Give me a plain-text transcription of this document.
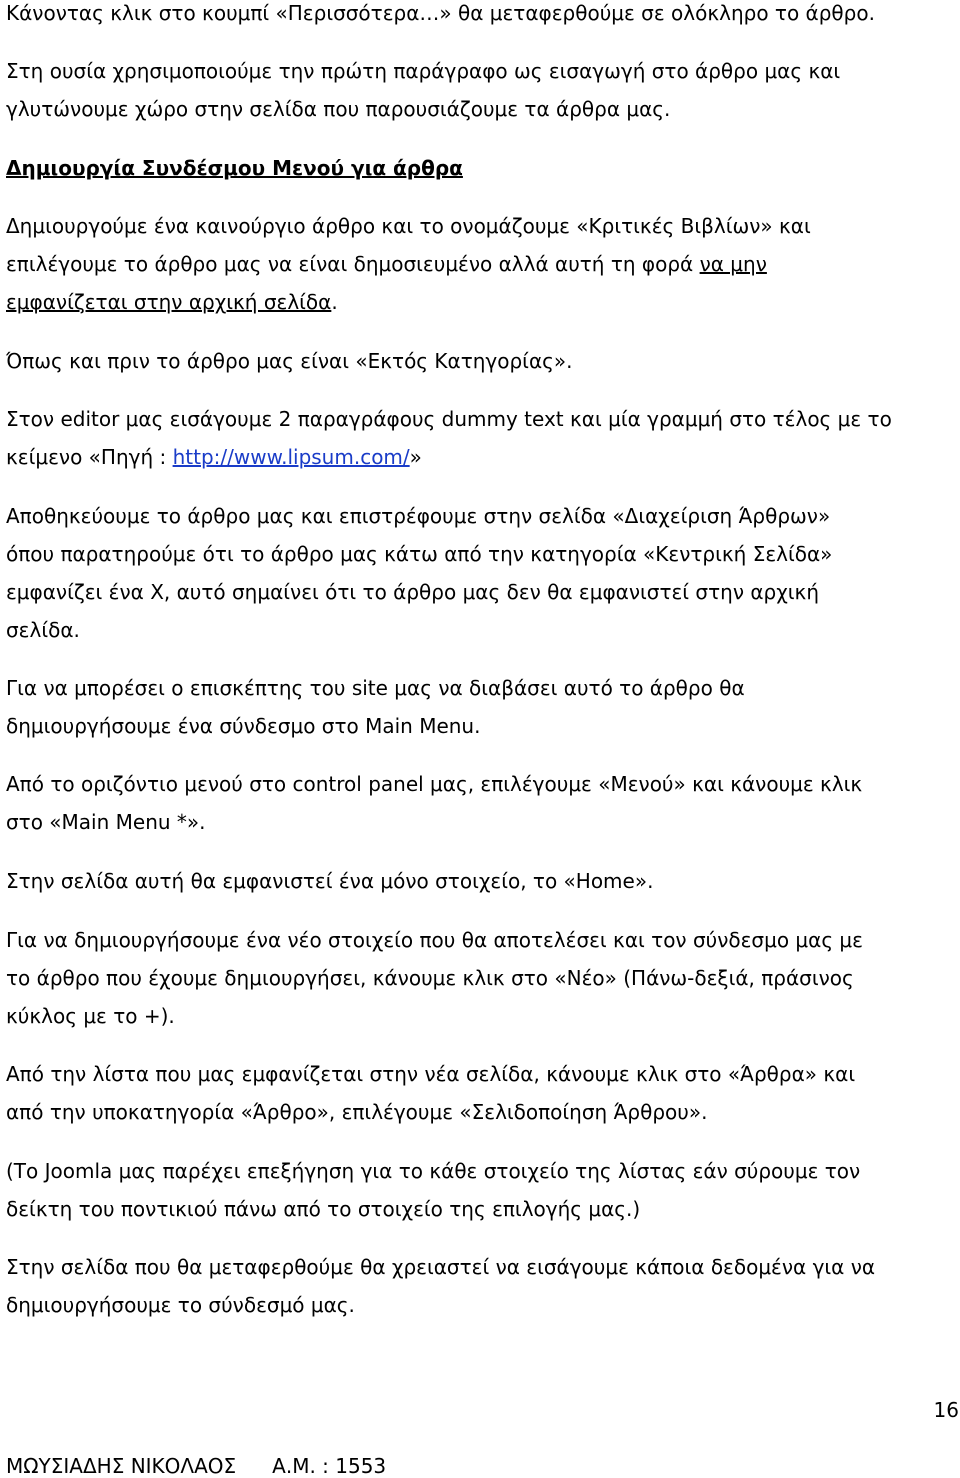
Κάνοντας κλικ στο κουμπί «Περισσότερα…» θα μεταφερθούμε σε ολόκληρο το άρθρο.

Στη ουσία χρησιμοποιούμε την πρώτη παράγραφο ως εισαγωγή στο άρθρο μας και
γλυτώνουμε χώρο στην σελίδα που παρουσιάζουμε τα άρθρα μας.

Δημιουργία Συνδέσμου Μενού για άρθρα

Δημιουργούμε ένα καινούργιο άρθρο και το ονομάζουμε «Κριτικές Βιβλίων» και
επιλέγουμε το άρθρο μας να είναι δημοσιευμένο αλλά αυτή τη φορά να μην
εμφανίζεται στην αρχική σελίδα.

Όπως και πριν το άρθρο μας είναι «Εκτός Κατηγορίας».

Στον editor μας εισάγουμε 2 παραγράφους dummy text και μία γραμμή στο τέλος με το
κείμενο «Πηγή : http://www.lipsum.com/»

Αποθηκεύουμε το άρθρο μας και επιστρέφουμε στην σελίδα «Διαχείριση Άρθρων»
όπου παρατηρούμε ότι το άρθρο μας κάτω από την κατηγορία «Κεντρική Σελίδα»
εμφανίζει ένα Χ, αυτό σημαίνει ότι το άρθρο μας δεν θα εμφανιστεί στην αρχική
σελίδα.

Για να μπορέσει ο επισκέπτης του site μας να διαβάσει αυτό το άρθρο θα
δημιουργήσουμε ένα σύνδεσμο στο Main Menu.

Από το οριζόντιο μενού στο control panel μας, επιλέγουμε «Μενού» και κάνουμε κλικ
στο «Main Menu *».

Στην σελίδα αυτή θα εμφανιστεί ένα μόνο στοιχείο, το «Home».

Για να δημιουργήσουμε ένα νέο στοιχείο που θα αποτελέσει και τον σύνδεσμο μας με
το άρθρο που έχουμε δημιουργήσει, κάνουμε κλικ στο «Νέο» (Πάνω-δεξιά, πράσινος
κύκλος με το +).

Από την λίστα που μας εμφανίζεται στην νέα σελίδα, κάνουμε κλικ στο «Άρθρα» και
από την υποκατηγορία «Άρθρο», επιλέγουμε «Σελιδοποίηση Άρθρου».

(Το Joomla μας παρέχει επεξήγηση για το κάθε στοιχείο της λίστας εάν σύρουμε τον
δείκτη του ποντικιού πάνω από το στοιχείο της επιλογής μας.)

Στην σελίδα που θα μεταφερθούμε θα χρειαστεί να εισάγουμε κάποια δεδομένα για να
δημιουργήσουμε το σύνδεσμό μας.

16
ΜΩΥΣΙΑΔΗΣ ΝΙΚΟΛΑΟΣ Α.Μ. : 1553
